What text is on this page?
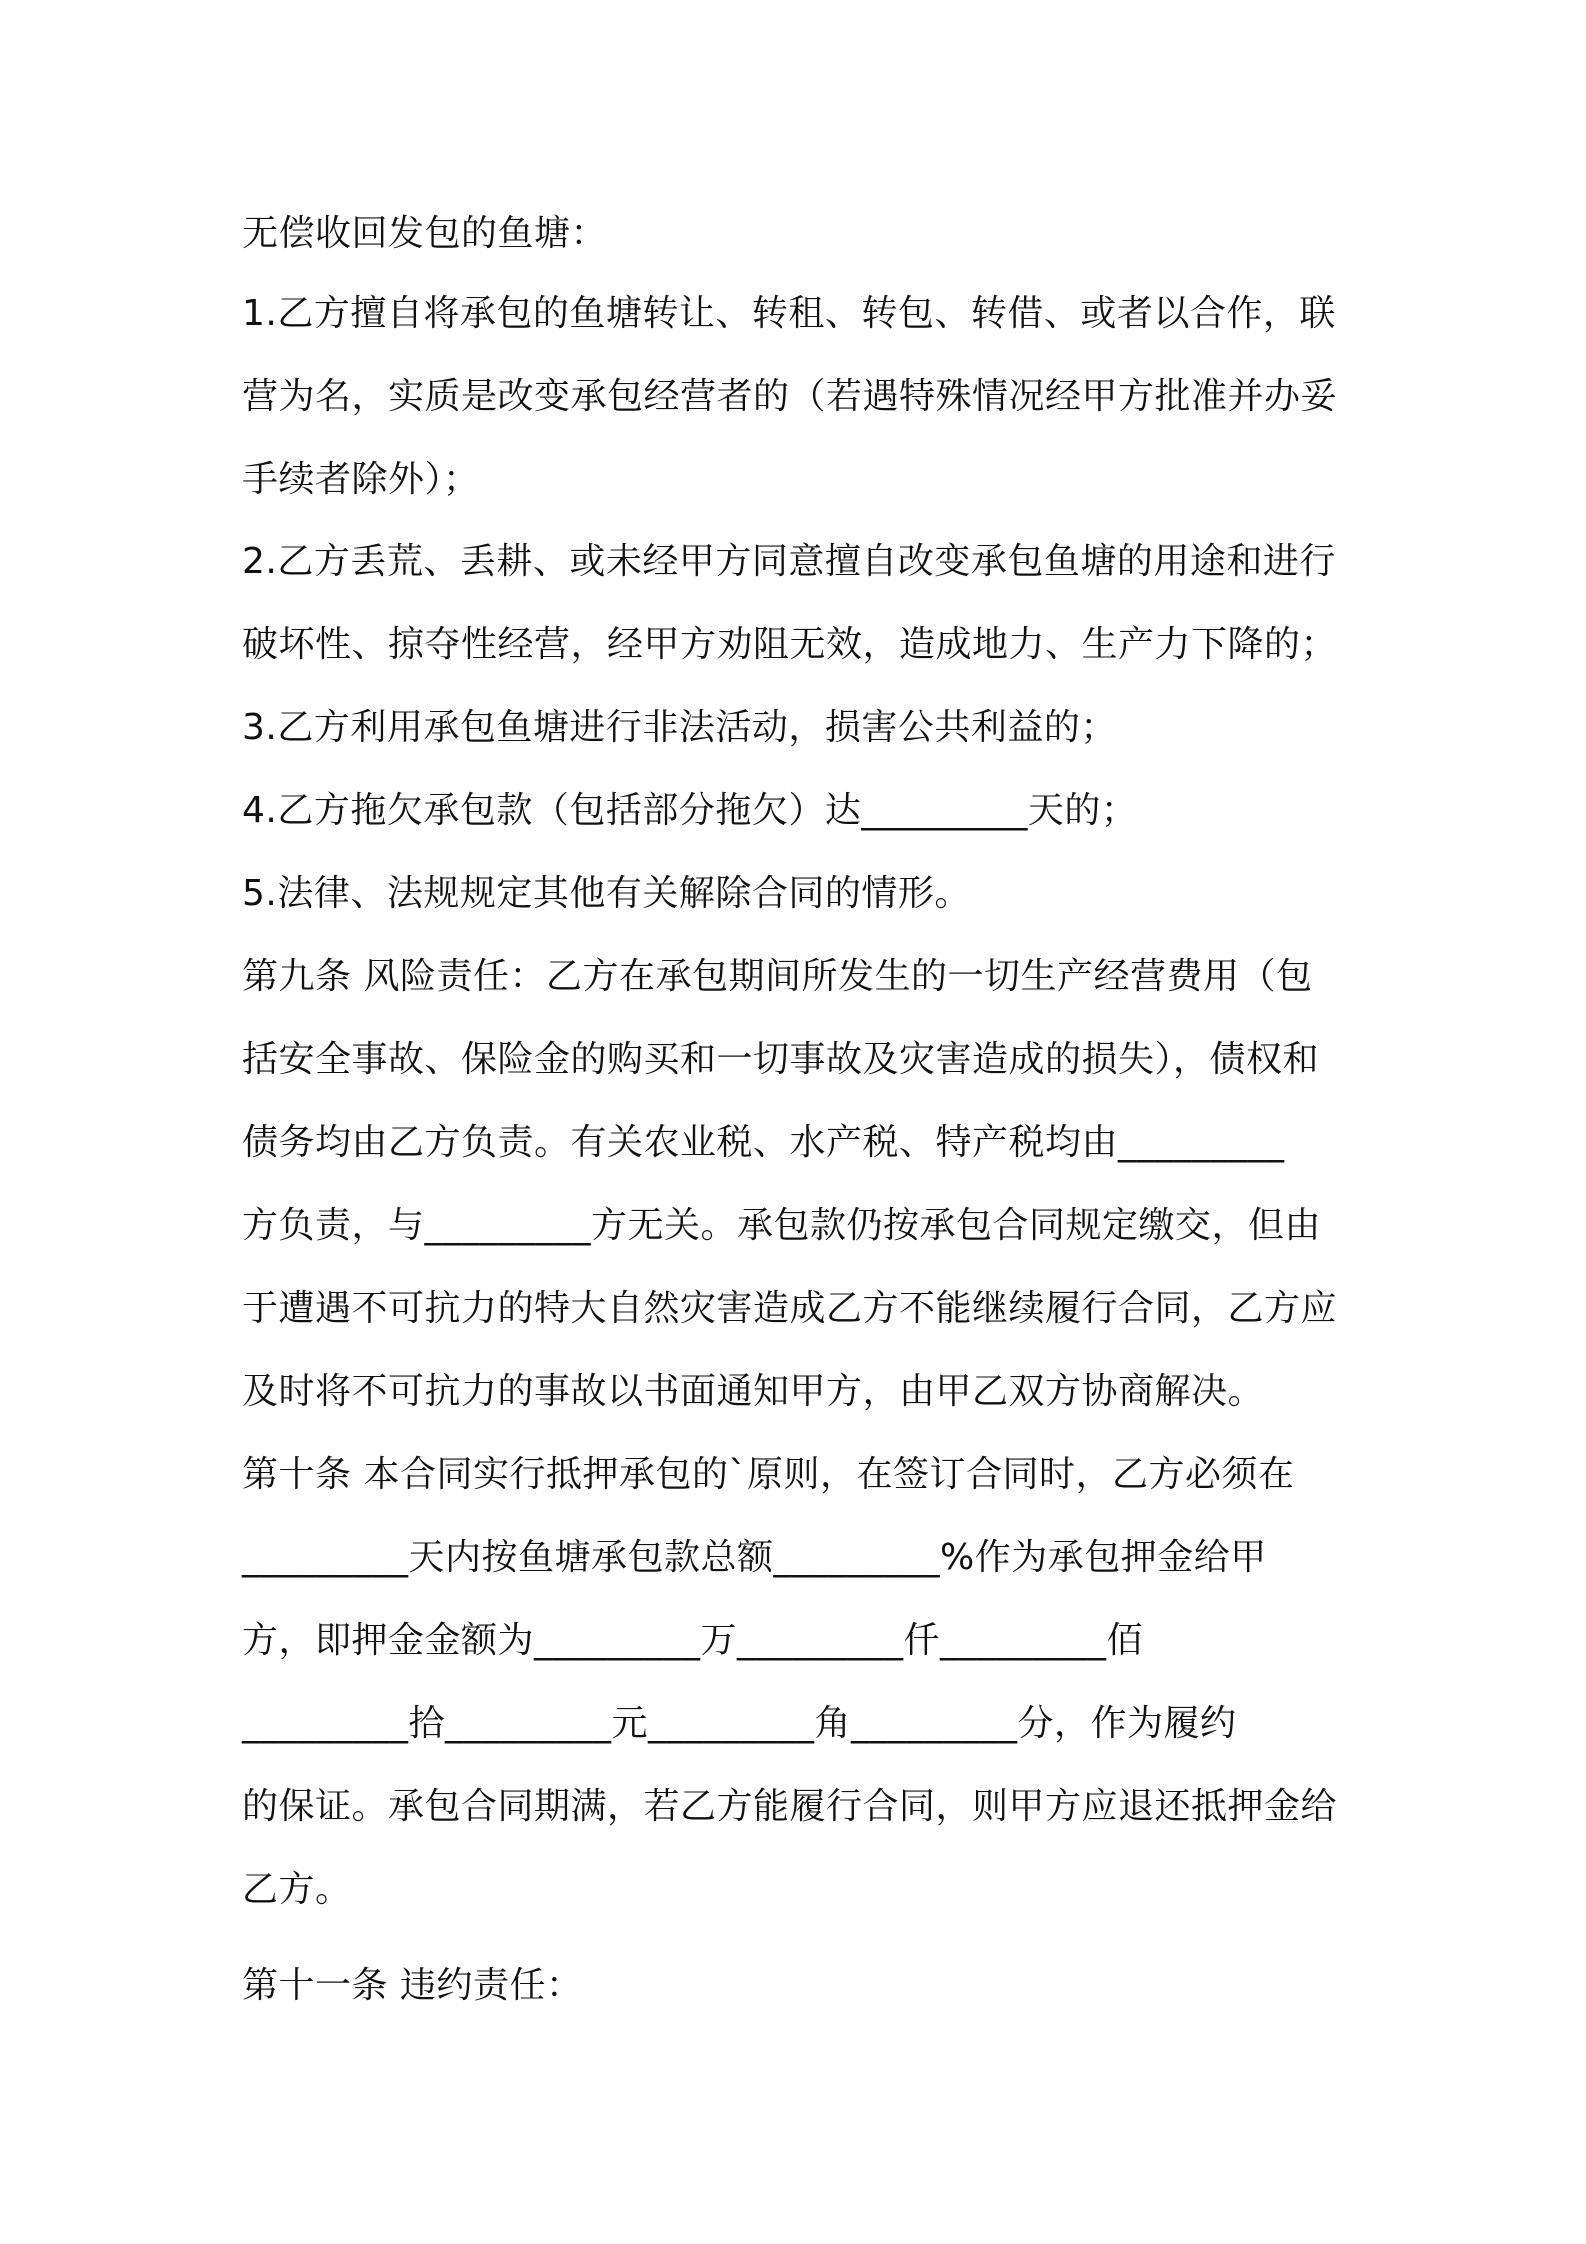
无偿收回发包的鱼塘：
1.乙方擅自将承包的鱼塘转让、转租、转包、转借、或者以合作，联
营为名，实质是改变承包经营者的（若遇特殊情况经甲方批准并办妥
手续者除外）；
2.乙方丢荒、丢耕、或未经甲方同意擅自改变承包鱼塘的用途和进行
破坏性、掠夺性经营，经甲方劝阻无效，造成地力、生产力下降的；
3.乙方利用承包鱼塘进行非法活动，损害公共利益的；
4.乙方拖欠承包款（包括部分拖欠）达_________天的；
5.法律、法规规定其他有关解除合同的情形。
第九条 风险责任：乙方在承包期间所发生的一切生产经营费用（包
括安全事故、保险金的购买和一切事故及灾害造成的损失），债权和
债务均由乙方负责。有关农业税、水产税、特产税均由_________
方负责，与_________方无关。承包款仍按承包合同规定缴交，但由
于遭遇不可抗力的特大自然灾害造成乙方不能继续履行合同，乙方应
及时将不可抗力的事故以书面通知甲方，由甲乙双方协商解决。
第十条 本合同实行抵押承包的`原则，在签订合同时，乙方必须在
_________天内按鱼塘承包款总额_________%作为承包押金给甲
方，即押金金额为_________万_________仟_________佰
_________拾_________元_________角_________分，作为履约
的保证。承包合同期满，若乙方能履行合同，则甲方应退还抵押金给
乙方。
第十一条 违约责任：
